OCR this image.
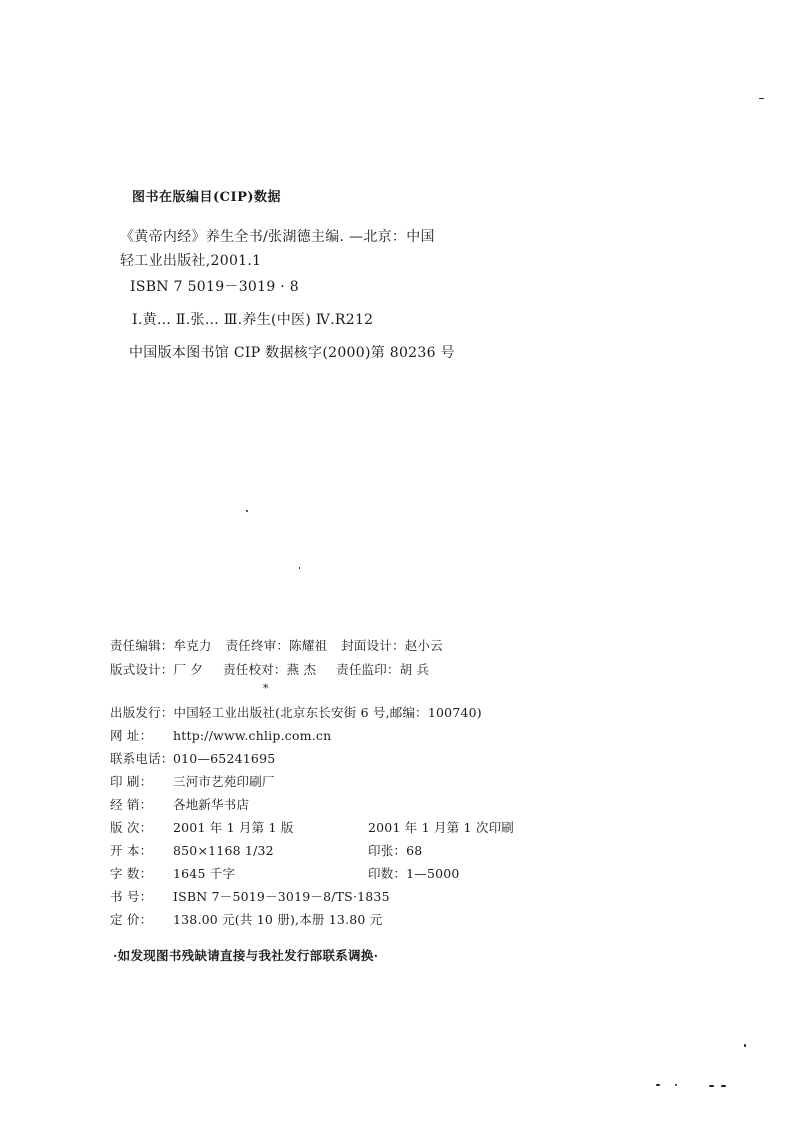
图书在版编目(CIP)数据
《黄帝内经》养生全书/张湖德主编. —北京：中国
轻工业出版社,2001.1
ISBN 7 5019－3019 · 8
Ⅰ.黄… Ⅱ.张… Ⅲ.养生(中医) Ⅳ.R212
中国版本图书馆 CIP 数据核字(2000)第 80236 号
责任编辑：牟克力 责任终审：陈耀祖 封面设计：赵小云
版式设计：厂 夕 责任校对：燕 杰 责任监印：胡 兵
*
出版发行：中国轻工业出版社(北京东长安街 6 号,邮编：100740)
网 址： http://www.chlip.com.cn
联系电话：010—65241695
印 刷： 三河市艺苑印刷厂
经 销： 各地新华书店
版 次： 2001 年 1 月第 1 版	2001 年 1 月第 1 次印刷
开 本： 850×1168 1/32	印张：68
字 数： 1645 千字	印数：1—5000
书 号： ISBN 7－5019－3019－8/TS·1835
定 价： 138.00 元(共 10 册),本册 13.80 元
·如发现图书残缺请直接与我社发行部联系调换·
